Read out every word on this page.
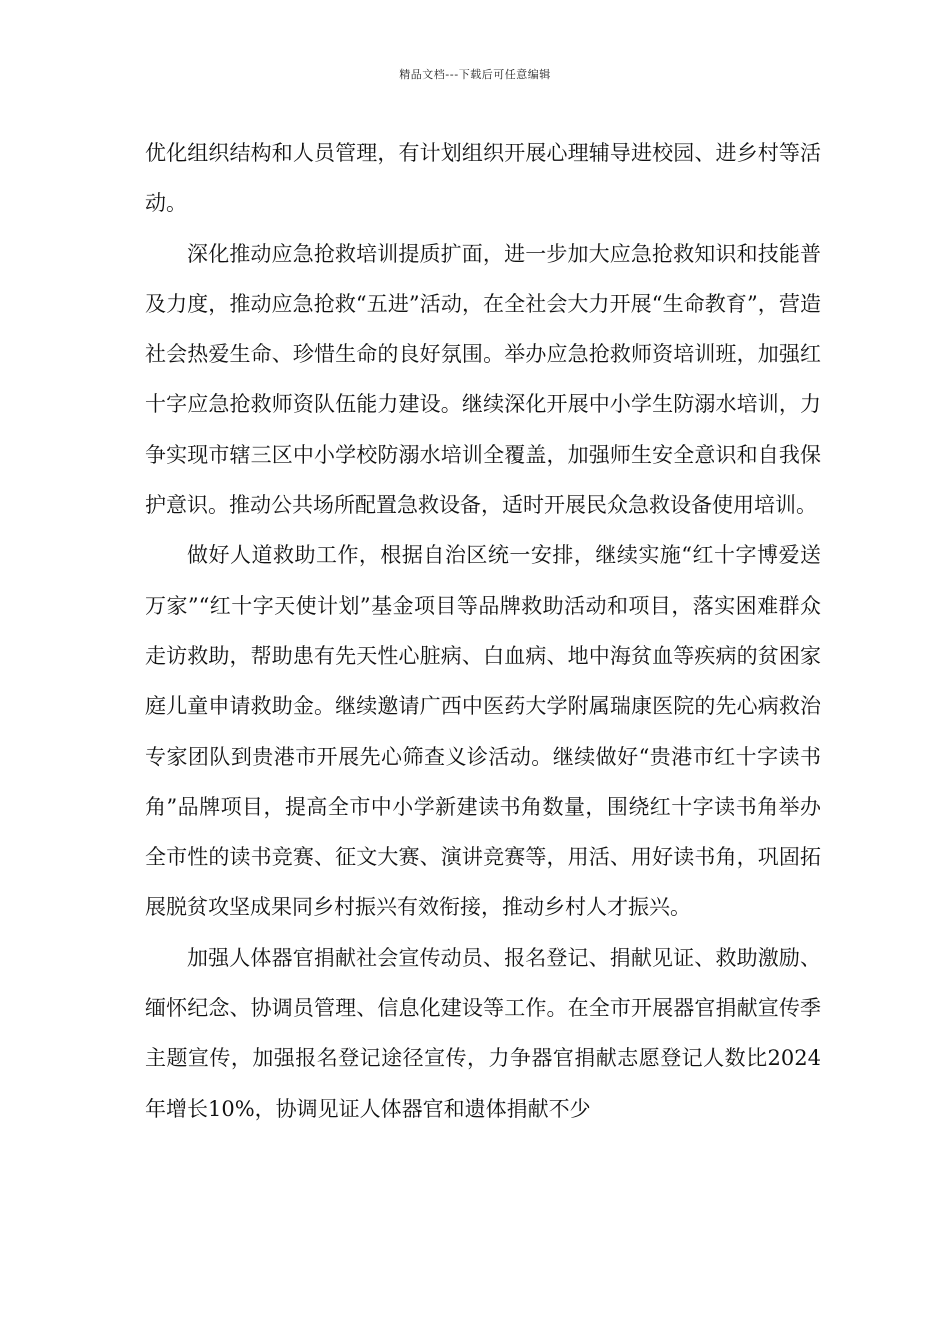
精品文档---下载后可任意编辑

优化组织结构和人员管理，有计划组织开展心理辅导进校园、进乡村等活动。

深化推动应急抢救培训提质扩面，进一步加大应急抢救知识和技能普及力度，推动应急抢救“五进”活动，在全社会大力开展“生命教育”，营造社会热爱生命、珍惜生命的良好氛围。举办应急抢救师资培训班，加强红十字应急抢救师资队伍能力建设。继续深化开展中小学生防溺水培训，力争实现市辖三区中小学校防溺水培训全覆盖，加强师生安全意识和自我保护意识。推动公共场所配置急救设备，适时开展民众急救设备使用培训。

做好人道救助工作，根据自治区统一安排，继续实施“红十字博爱送万家”“红十字天使计划”基金项目等品牌救助活动和项目，落实困难群众走访救助，帮助患有先天性心脏病、白血病、地中海贫血等疾病的贫困家庭儿童申请救助金。继续邀请广西中医药大学附属瑞康医院的先心病救治专家团队到贵港市开展先心筛查义诊活动。继续做好“贵港市红十字读书角”品牌项目，提高全市中小学新建读书角数量，围绕红十字读书角举办全市性的读书竞赛、征文大赛、演讲竞赛等，用活、用好读书角，巩固拓展脱贫攻坚成果同乡村振兴有效衔接，推动乡村人才振兴。

加强人体器官捐献社会宣传动员、报名登记、捐献见证、救助激励、缅怀纪念、协调员管理、信息化建设等工作。在全市开展器官捐献宣传季主题宣传，加强报名登记途径宣传，力争器官捐献志愿登记人数比2024年增长10%，协调见证人体器官和遗体捐献不少
